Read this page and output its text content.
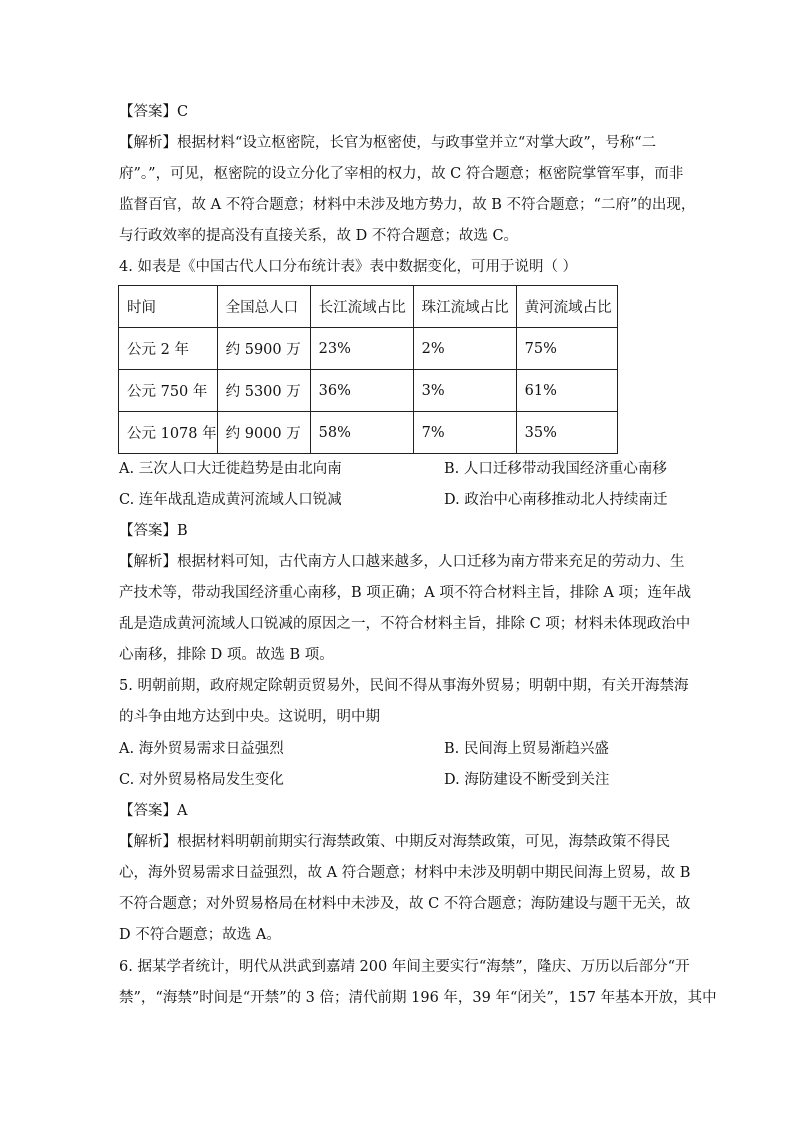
【答案】C
【解析】根据材料“设立枢密院，长官为枢密使，与政事堂并立“对掌大政”，号称“二
府”。”，可见，枢密院的设立分化了宰相的权力，故 C 符合题意；枢密院掌管军事，而非
监督百官，故 A 不符合题意；材料中未涉及地方势力，故 B 不符合题意；“二府”的出现，
与行政效率的提高没有直接关系，故 D 不符合题意；故选 C。
4. 如表是《中国古代人口分布统计表》表中数据变化，可用于说明（ ）
时间	全国总人口	长江流域占比	珠江流域占比	黄河流域占比
公元 2 年	约 5900 万	23%	2%	75%
公元 750 年	约 5300 万	36%	3%	61%
公元 1078 年	约 9000 万	58%	7%	35%
A. 三次人口大迁徙趋势是由北向南	B. 人口迁移带动我国经济重心南移
C. 连年战乱造成黄河流域人口锐减	D. 政治中心南移推动北人持续南迁
【答案】B
【解析】根据材料可知，古代南方人口越来越多，人口迁移为南方带来充足的劳动力、生
产技术等，带动我国经济重心南移，B 项正确；A 项不符合材料主旨，排除 A 项；连年战
乱是造成黄河流域人口锐减的原因之一，不符合材料主旨，排除 C 项；材料未体现政治中
心南移，排除 D 项。故选 B 项。
5. 明朝前期，政府规定除朝贡贸易外，民间不得从事海外贸易；明朝中期，有关开海禁海
的斗争由地方达到中央。这说明，明中期
A. 海外贸易需求日益强烈	B. 民间海上贸易渐趋兴盛
C. 对外贸易格局发生变化	D. 海防建设不断受到关注
【答案】A
【解析】根据材料明朝前期实行海禁政策、中期反对海禁政策，可见，海禁政策不得民
心，海外贸易需求日益强烈，故 A 符合题意；材料中未涉及明朝中期民间海上贸易，故 B
不符合题意；对外贸易格局在材料中未涉及，故 C 不符合题意；海防建设与题干无关，故
D 不符合题意；故选 A。
6. 据某学者统计，明代从洪武到嘉靖 200 年间主要实行“海禁”，隆庆、万历以后部分“开
禁”，“海禁”时间是“开禁”的 3 倍；清代前期 196 年，39 年“闭关”，157 年基本开放，其中
